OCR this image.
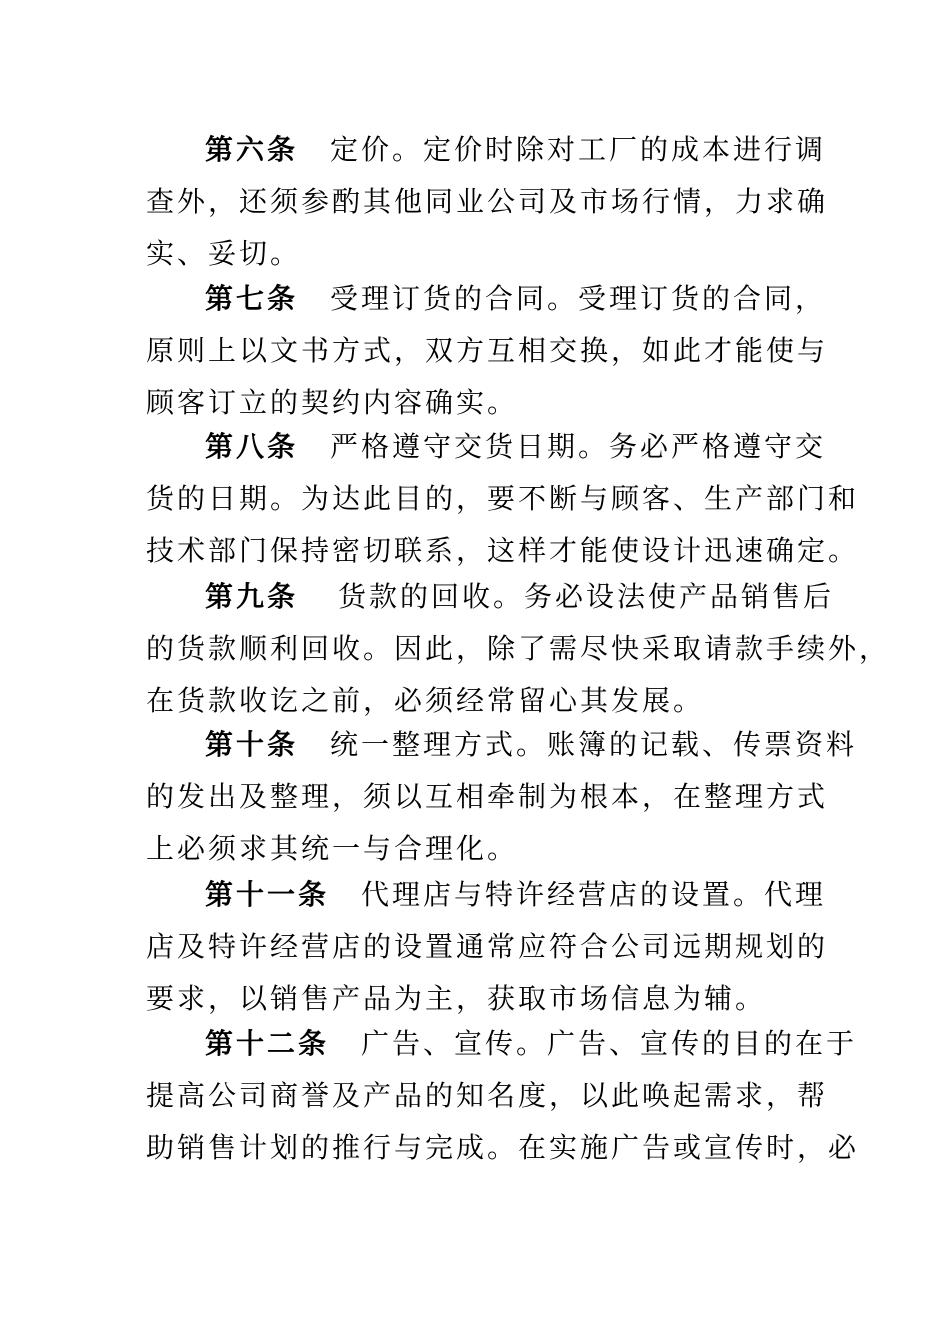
第六条 定价。定价时除对工厂的成本进行调
查外，还须参酌其他同业公司及市场行情，力求确
实、妥切。
第七条 受理订货的合同。受理订货的合同，
原则上以文书方式，双方互相交换，如此才能使与
顾客订立的契约内容确实。
第八条 严格遵守交货日期。务必严格遵守交
货的日期。为达此目的，要不断与顾客、生产部门和
技术部门保持密切联系，这样才能使设计迅速确定。
第九条 货款的回收。务必设法使产品销售后
的货款顺利回收。因此，除了需尽快采取请款手续外，
在货款收讫之前，必须经常留心其发展。
第十条 统一整理方式。账簿的记载、传票资料
的发出及整理，须以互相牵制为根本，在整理方式
上必须求其统一与合理化。
第十一条 代理店与特许经营店的设置。代理
店及特许经营店的设置通常应符合公司远期规划的
要求，以销售产品为主，获取市场信息为辅。
第十二条 广告、宣传。广告、宣传的目的在于
提高公司商誉及产品的知名度，以此唤起需求，帮
助销售计划的推行与完成。在实施广告或宣传时，必
